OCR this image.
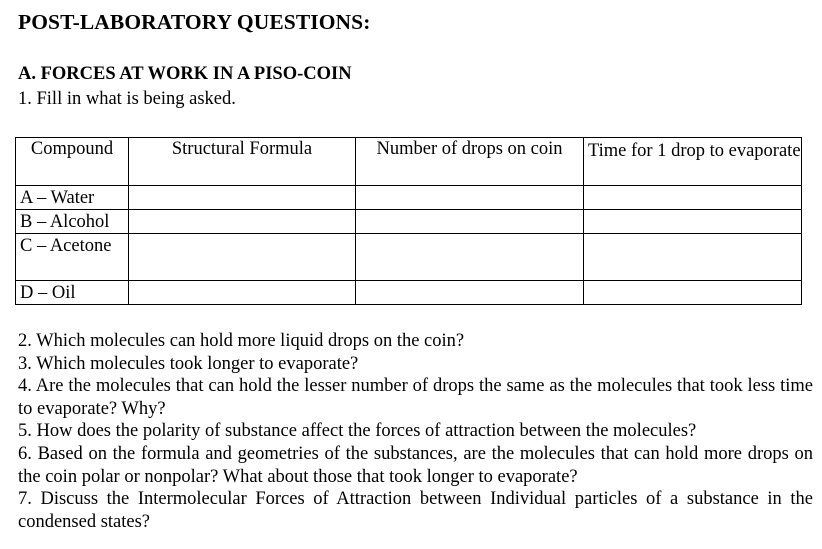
POST-LABORATORY QUESTIONS:
A. FORCES AT WORK IN A PISO-COIN
1. Fill in what is being asked.
Compound	Structural Formula	Number of drops on coin	Time for 1 drop to evaporate
A – Water			
B – Alcohol			
C – Acetone			
D – Oil			

2. Which molecules can hold more liquid drops on the coin?

3. Which molecules took longer to evaporate?

4. Are the molecules that can hold the lesser number of drops the same as the molecules that took less time to evaporate? Why?

5. How does the polarity of substance affect the forces of attraction between the molecules?

6. Based on the formula and geometries of the substances, are the molecules that can hold more drops on the coin polar or nonpolar? What about those that took longer to evaporate?

7. Discuss the Intermolecular Forces of Attraction between Individual particles of a substance in the condensed states?
